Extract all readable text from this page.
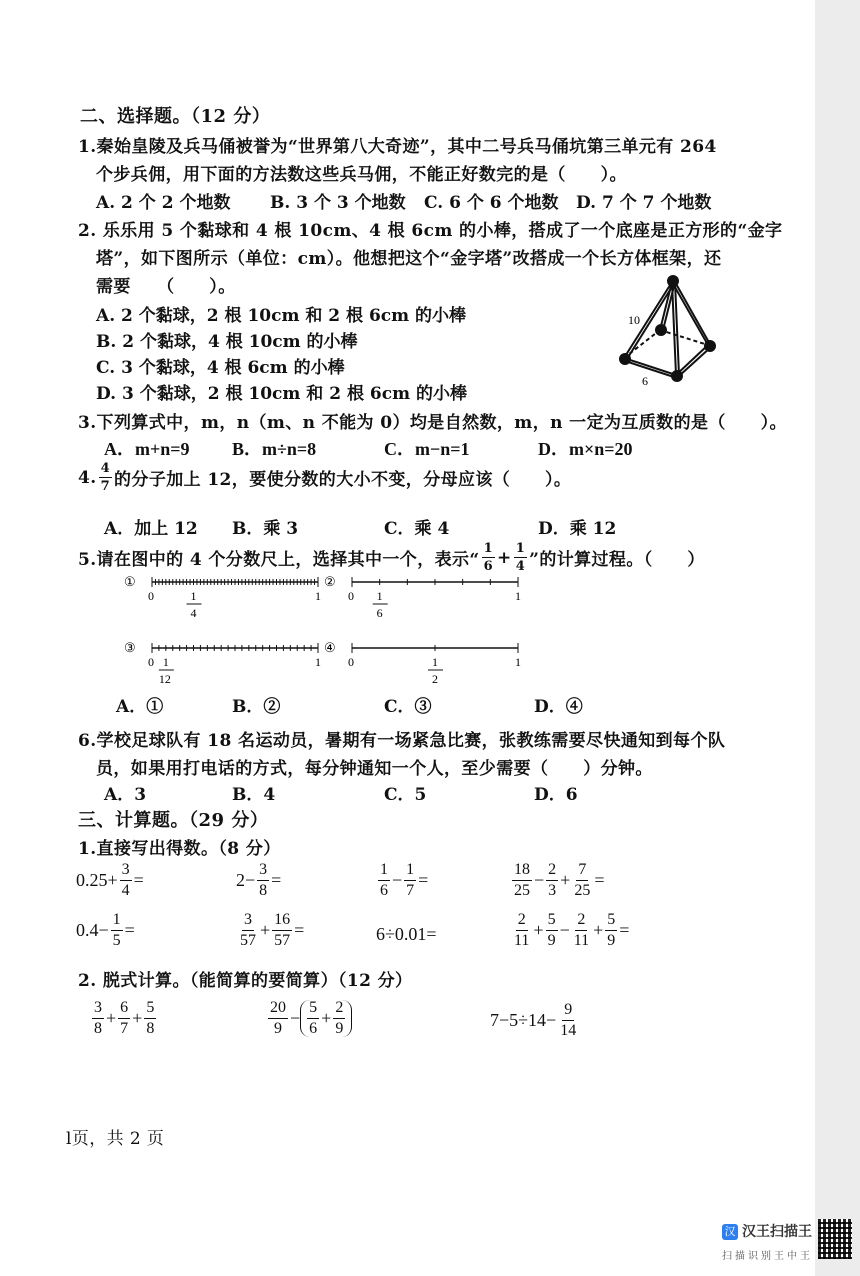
二、选择题。（12 分）
1.秦始皇陵及兵马俑被誉为“世界第八大奇迹”，其中二号兵马俑坑第三单元有 264
个步兵佣，用下面的方法数这些兵马佣，不能正好数完的是（　　）。
A. 2 个 2 个地数 B. 3 个 3 个地数 C. 6 个 6 个地数 D. 7 个 7 个地数
2. 乐乐用 5 个黏球和 4 根 10cm、4 根 6cm 的小棒，搭成了一个底座是正方形的“金字
塔”，如下图所示（单位：cm）。他想把这个“金字塔”改搭成一个长方体框架，还
需要　　（　　）。
A. 2 个黏球，2 根 10cm 和 2 根 6cm 的小棒
B. 2 个黏球，4 根 10cm 的小棒
C. 3 个黏球，4 根 6cm 的小棒
D. 3 个黏球，2 根 10cm 和 2 根 6cm 的小棒
10
6
3.下列算式中，m，n（m、n 不能为 0）均是自然数，m，n 一定为互质数的是（　　）。
A．m+n=9 B．m÷n=8	C．m−n=1	D．m×n=20
4. $\frac{4}{7}$ 的分子加上 12，要使分数的大小不变，分母应该（　　）。
A．加上 12 B．乘 3	C．乘 4	D．乘 12
5.请在图中的 4 个分数尺上，选择其中一个，表示“ $\frac{1}{6} + \frac{1}{4}$ ”的计算过程。（　　）
①
0	1
1
4
②
0	1
1
6
③
0	1
1
12
④
0	1
1
2
A．①	B．②	C．③	D．④
6.学校足球队有 18 名运动员，暑期有一场紧急比赛，张教练需要尽快通知到每个队
员，如果用打电话的方式，每分钟通知一个人，至少需要（　　）分钟。
A．3	B．4	C．5	D．6
三、计算题。（29 分）
1.直接写出得数。（8 分）
$0.25+ \frac{3}{4}$ =	$2- \frac{3}{8}$ =	$\frac{1}{6} - \frac{1}{7}$ =	$\frac{18}{25} - \frac{2}{3} + \frac{7}{25}$ =
$0.4- \frac{1}{5}$ =	$\frac{3}{57} + \frac{16}{57}$ =	6÷0.01=	$\frac{2}{11} + \frac{5}{9} - \frac{2}{11} + \frac{5}{9}$ =
2. 脱式计算。（能简算的要简算）（12 分）
$\frac{3}{8} + \frac{6}{7} + \frac{5}{8}$	$\frac{20}{9} - \frac{5}{6} + \frac{2}{9}$	$7-5\div 14- \frac{9}{14}$
l页，共 2 页
汉 汉王扫描王
扫描识别王中王
